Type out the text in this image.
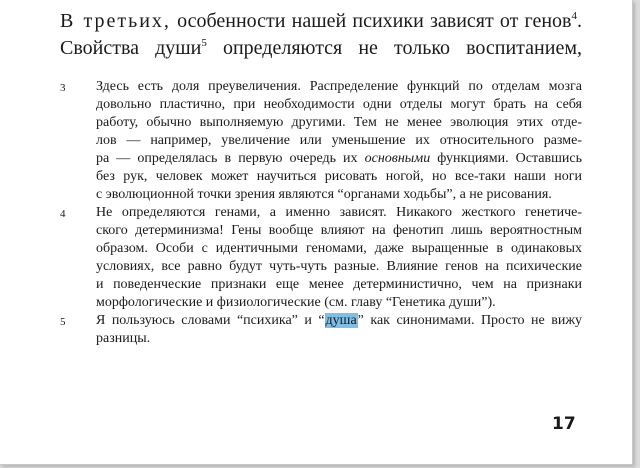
В третьих, особенности нашей психики зависят от генов$^4$.
Свойства души$^5$ определяются не только воспитанием,
3	Здесь есть доля преувеличения. Распределение функций по отделам мозга
довольно пластично, при необходимости одни отделы могут брать на себя
работу, обычно выполняемую другими. Тем не менее эволюция этих отде-
лов — например, увеличение или уменьшение их относительного разме-
ра — определялась в первую очередь их основными функциями. Оставшись
без рук, человек может научиться рисовать ногой, но все-таки наши ноги
с эволюционной точки зрения являются “органами ходьбы”, а не рисования.
4	Не определяются генами, а именно зависят. Никакого жесткого генетиче-
ского детерминизма! Гены вообще влияют на фенотип лишь вероятностным
образом. Особи с идентичными геномами, даже выращенные в одинаковых
условиях, все равно будут чуть-чуть разные. Влияние генов на психические
и поведенческие признаки еще менее детерминистично, чем на признаки
морфологические и физиологические (см. главу “Генетика души”).
5	Я пользуюсь словами “психика” и “душа” как синонимами. Просто не вижу
разницы.
17
